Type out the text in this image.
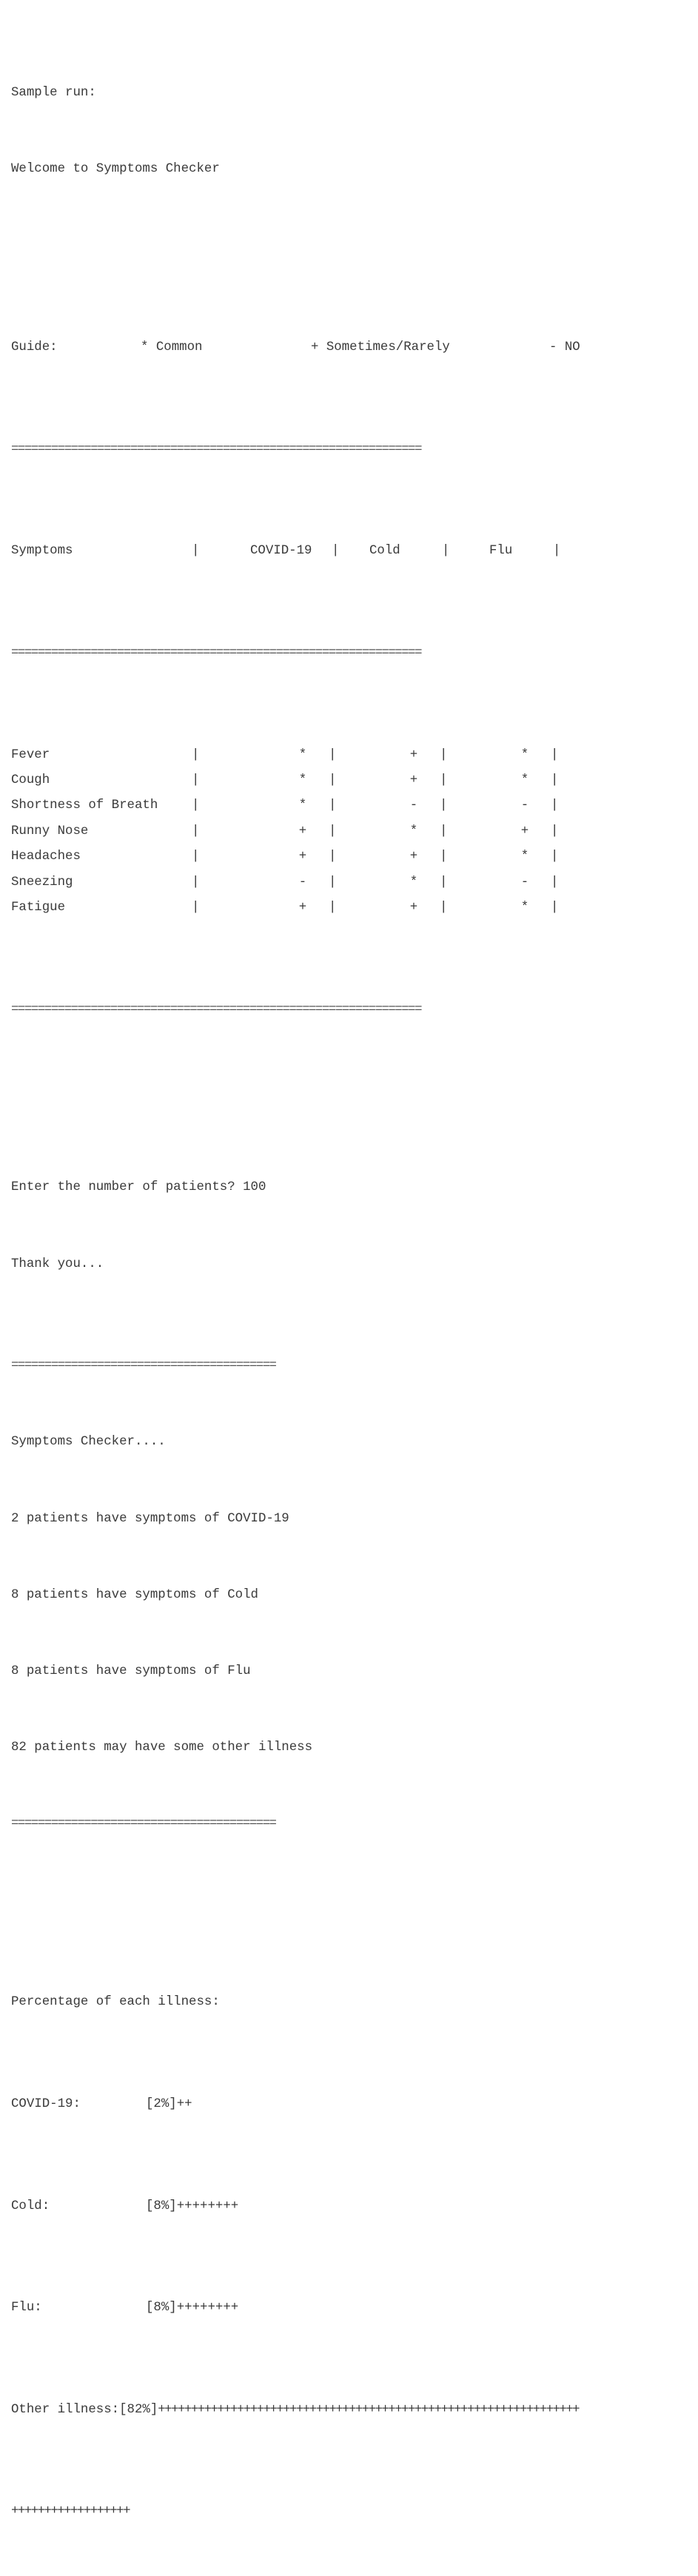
Sample run:

Welcome to Symptoms Checker

Guide:	* Common	+ Sometimes/Rarely	- NO

==============================================================

Symptoms	|	COVID-19 | Cold	|	Flu	|

==============================================================

Fever	|	* |	+ |	* |
Cough	|	* |	+ |	* |
Shortness of Breath	|	* |	- |	- |
Runny Nose	|	+ |	* |	+ |
Headaches	|	+ |	+ |	* |
Sneezing	|	- |	* |	- |
Fatigue	|	+ |	+ |	* |

==============================================================

Enter the number of patients? 100

Thank you...

========================================

Symptoms Checker....

2 patients have symptoms of COVID-19

8 patients have symptoms of Cold

8 patients have symptoms of Flu

82 patients may have some other illness

========================================

Percentage of each illness:

COVID-19:	[2%]++

Cold:	[8%]++++++++

Flu:	[8%]++++++++

Other illness:[82%]++++++++++++++++++++++++++++++++++++++++++++++++++++++++++++++++

++++++++++++++++++
